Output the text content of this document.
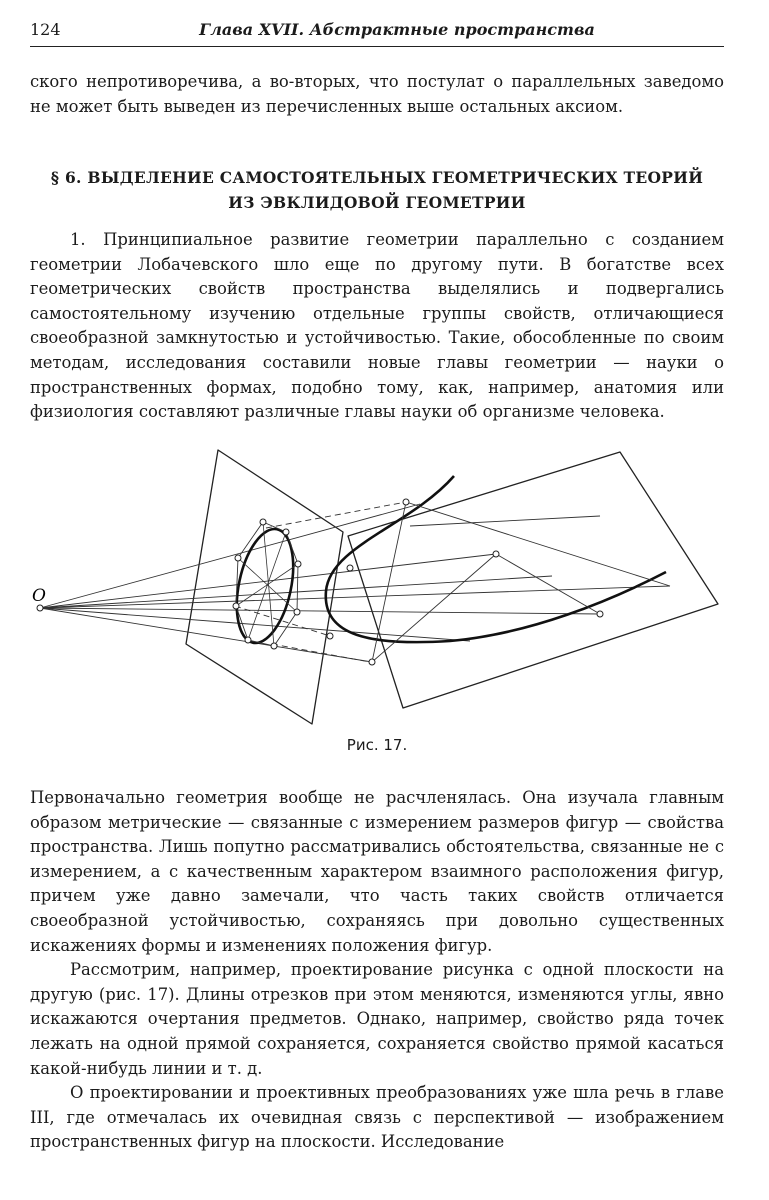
124	Глава XVII. Абстрактные пространства

ского непротиворечива, а во-вторых, что постулат о параллельных заведомо не может быть выведен из перечисленных выше остальных аксиом.

§ 6. ВЫДЕЛЕНИЕ САМОСТОЯТЕЛЬНЫХ ГЕОМЕТРИЧЕСКИХ ТЕОРИЙ
ИЗ ЭВКЛИДОВОЙ ГЕОМЕТРИИ

1. Принципиальное развитие геометрии параллельно с созданием геометрии Лобачевского шло еще по другому пути. В богатстве всех геометрических свойств пространства выделялись и подвергались самостоятельному изучению отдельные группы свойств, отличающиеся своеобразной замкнутостью и устойчивостью. Такие, обособленные по своим методам, исследования составили новые главы геометрии — науки о пространственных формах, подобно тому, как, например, анатомия или физиология составляют различные главы науки об организме человека.

O
Рис. 17.

Первоначально геометрия вообще не расчленялась. Она изучала главным образом метрические — связанные с измерением размеров фигур — свойства пространства. Лишь попутно рассматривались обстоятельства, связанные не с измерением, а с качественным характером взаимного расположения фигур, причем уже давно замечали, что часть таких свойств отличается своеобразной устойчивостью, сохраняясь при довольно существенных искажениях формы и изменениях положения фигур.

Рассмотрим, например, проектирование рисунка с одной плоскости на другую (рис. 17). Длины отрезков при этом меняются, изменяются углы, явно искажаются очертания предметов. Однако, например, свойство ряда точек лежать на одной прямой сохраняется, сохраняется свойство прямой касаться какой-нибудь линии и т. д.

О проектировании и проективных преобразованиях уже шла речь в главе III, где отмечалась их очевидная связь с перспективой — изображением пространственных фигур на плоскости. Исследование
